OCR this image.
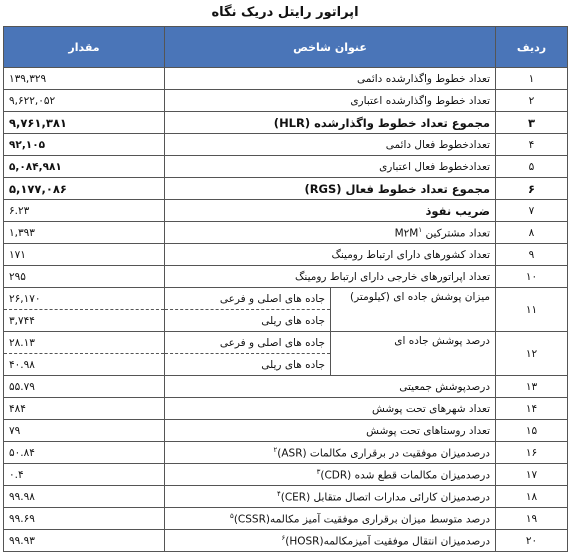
اپراتور رایتل دریک نگاه
ردیف	عنوان شاخص		مقدار
۱	تعداد خطوط واگذارشده دائمی		۱۳۹,۳۲۹
۲	تعداد خطوط واگذارشده اعتباری		۹,۶۲۲,۰۵۲
۳	مجموع تعداد خطوط واگذارشده (HLR)		۹,۷۶۱,۳۸۱
۴	تعدادخطوط فعال دائمی		۹۲,۱۰۵
۵	تعدادخطوط فعال اعتباری		۵,۰۸۴,۹۸۱
۶	مجموع تعداد خطوط فعال (RGS)		۵,۱۷۷,۰۸۶
۷	ضریب نفوذ		۶.۲۳
۸	تعداد مشترکین $M۲M^۱$		۱,۳۹۳
۹	تعداد کشورهای دارای ارتباط رومینگ		۱۷۱
۱۰	تعداد اپراتورهای خارجی دارای ارتباط رومینگ		۲۹۵
۱۱	میزان پوشش جاده ای (کیلومتر)	جاده های اصلی و فرعی	۲۶,۱۷۰
		جاده های ریلی	۳,۷۴۴
۱۲	درصد پوشش جاده ای	جاده های اصلی و فرعی	۲۸.۱۳
		جاده های ریلی	۴۰.۹۸
۱۳	درصدپوشش جمعیتی		۵۵.۷۹
۱۴	تعداد شهرهای تحت پوشش		۴۸۴
۱۵	تعداد روستاهای تحت پوشش		۷۹
۱۶	درصدمیزان موفقیت در برقراری مکالمات (ASR)$^۲$		۵۰.۸۴
۱۷	درصدمیزان مکالمات قطع شده (CDR)$^۳$		۰.۴
۱۸	درصدمیزان کارائی مدارات اتصال متقابل (CER)$^۴$		۹۹.۹۸
۱۹	درصد متوسط میزان برقراری موفقیت آمیز مکالمه(CSSR)$^۵$		۹۹.۶۹
۲۰	درصدمیزان انتقال موفقیت آمیزمکالمه(HOSR)$^۶$		۹۹.۹۳
